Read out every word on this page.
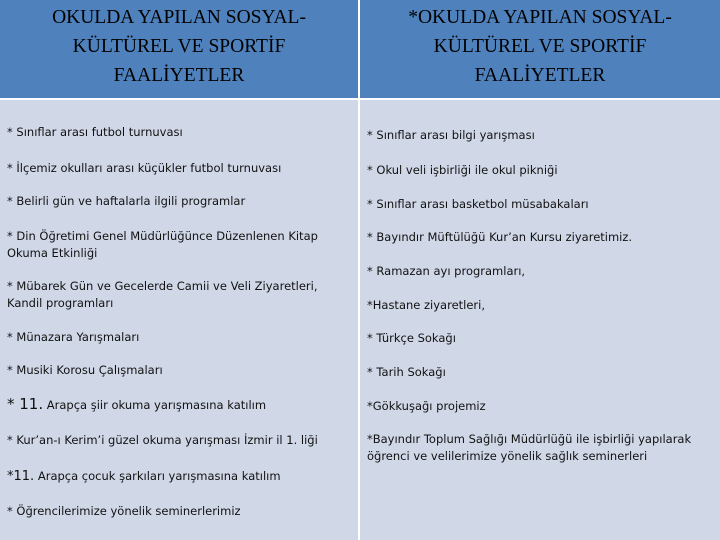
OKULDA YAPILAN SOSYAL-
KÜLTÜREL VE SPORTİF
FAALİYETLER
*OKULDA YAPILAN SOSYAL-
KÜLTÜREL VE SPORTİF
FAALİYETLER
* Sınıflar arası futbol turnuvası
* İlçemiz okulları arası küçükler futbol turnuvası
* Belirli gün ve haftalarla ilgili programlar
* Din Öğretimi Genel Müdürlüğünce Düzenlenen Kitap Okuma Etkinliği
* Mübarek Gün ve Gecelerde Camii ve Veli Ziyaretleri, Kandil programları
* Münazara Yarışmaları
* Musiki Korosu Çalışmaları
* 11. Arapça şiir okuma yarışmasına katılım
* Kur’an-ı Kerim’i güzel okuma yarışması İzmir il 1. liği
*11. Arapça çocuk şarkıları yarışmasına katılım
* Öğrencilerimize yönelik seminerlerimiz
* Sınıflar arası bilgi yarışması
* Okul veli işbirliği ile okul pikniği
* Sınıflar arası basketbol müsabakaları
* Bayındır Müftülüğü Kur’an Kursu ziyaretimiz.
* Ramazan ayı programları,
*Hastane ziyaretleri,
* Türkçe Sokağı
* Tarih Sokağı
*Gökkuşağı projemiz
*Bayındır Toplum Sağlığı Müdürlüğü ile işbirliği yapılarak öğrenci ve velilerimize yönelik sağlık seminerleri
